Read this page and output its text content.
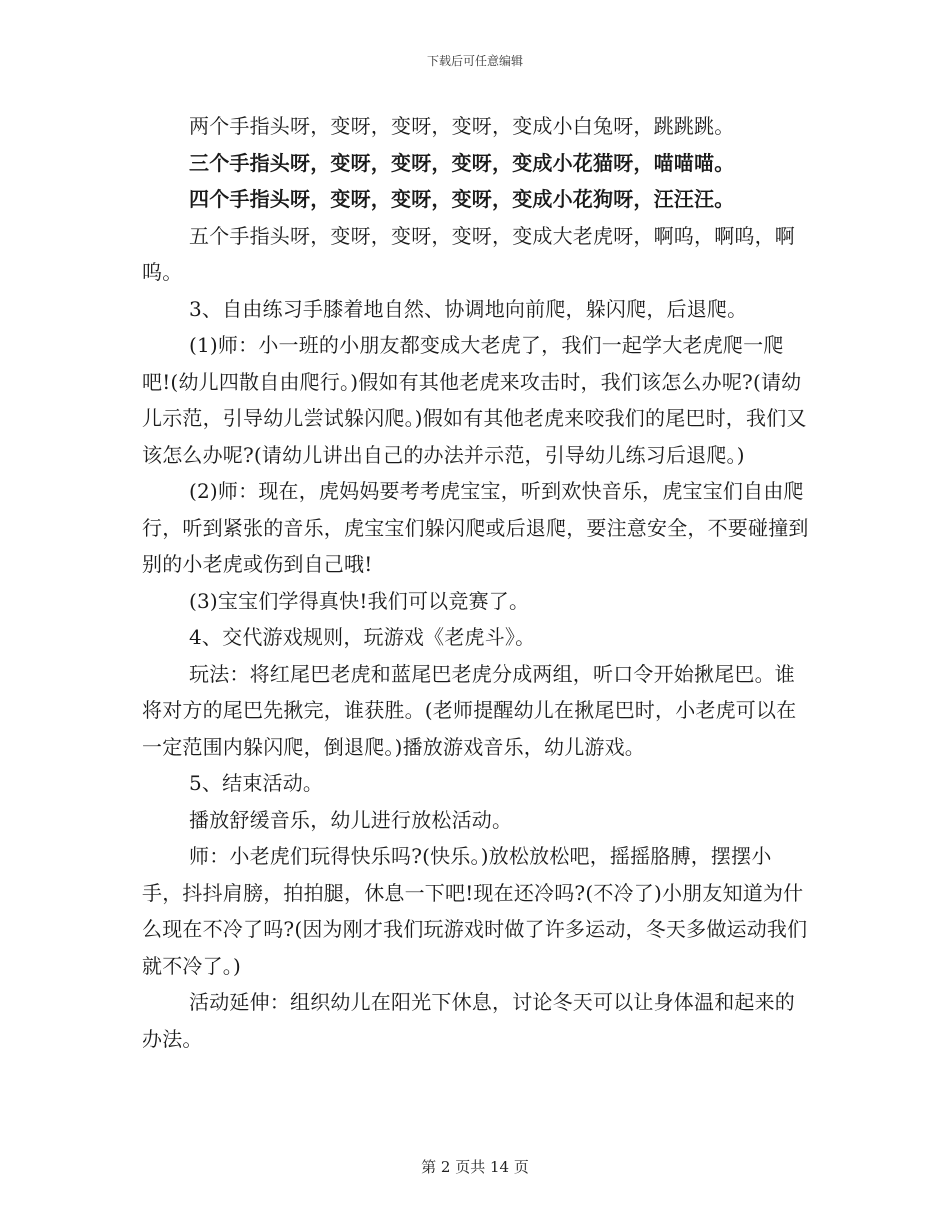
下载后可任意编辑

两个手指头呀，变呀，变呀，变呀，变成小白兔呀，跳跳跳。

三个手指头呀，变呀，变呀，变呀，变成小花猫呀，喵喵喵。

四个手指头呀，变呀，变呀，变呀，变成小花狗呀，汪汪汪。

五个手指头呀，变呀，变呀，变呀，变成大老虎呀，啊呜，啊呜，啊呜。

3、自由练习手膝着地自然、协调地向前爬，躲闪爬，后退爬。

(1)师：小一班的小朋友都变成大老虎了，我们一起学大老虎爬一爬吧!(幼儿四散自由爬行。)假如有其他老虎来攻击时，我们该怎么办呢?(请幼儿示范，引导幼儿尝试躲闪爬。)假如有其他老虎来咬我们的尾巴时，我们又该怎么办呢?(请幼儿讲出自己的办法并示范，引导幼儿练习后退爬。)

(2)师：现在，虎妈妈要考考虎宝宝，听到欢快音乐，虎宝宝们自由爬行，听到紧张的音乐，虎宝宝们躲闪爬或后退爬，要注意安全，不要碰撞到别的小老虎或伤到自己哦!

(3)宝宝们学得真快!我们可以竞赛了。

4、交代游戏规则，玩游戏《老虎斗》。

玩法：将红尾巴老虎和蓝尾巴老虎分成两组，听口令开始揪尾巴。谁将对方的尾巴先揪完，谁获胜。(老师提醒幼儿在揪尾巴时，小老虎可以在一定范围内躲闪爬，倒退爬。)播放游戏音乐，幼儿游戏。

5、结束活动。

播放舒缓音乐，幼儿进行放松活动。

师：小老虎们玩得快乐吗?(快乐。)放松放松吧，摇摇胳膊，摆摆小手，抖抖肩膀，拍拍腿，休息一下吧!现在还冷吗?(不冷了)小朋友知道为什么现在不冷了吗?(因为刚才我们玩游戏时做了许多运动，冬天多做运动我们就不冷了。)

活动延伸：组织幼儿在阳光下休息，讨论冬天可以让身体温和起来的办法。

第 2 页共 14 页
